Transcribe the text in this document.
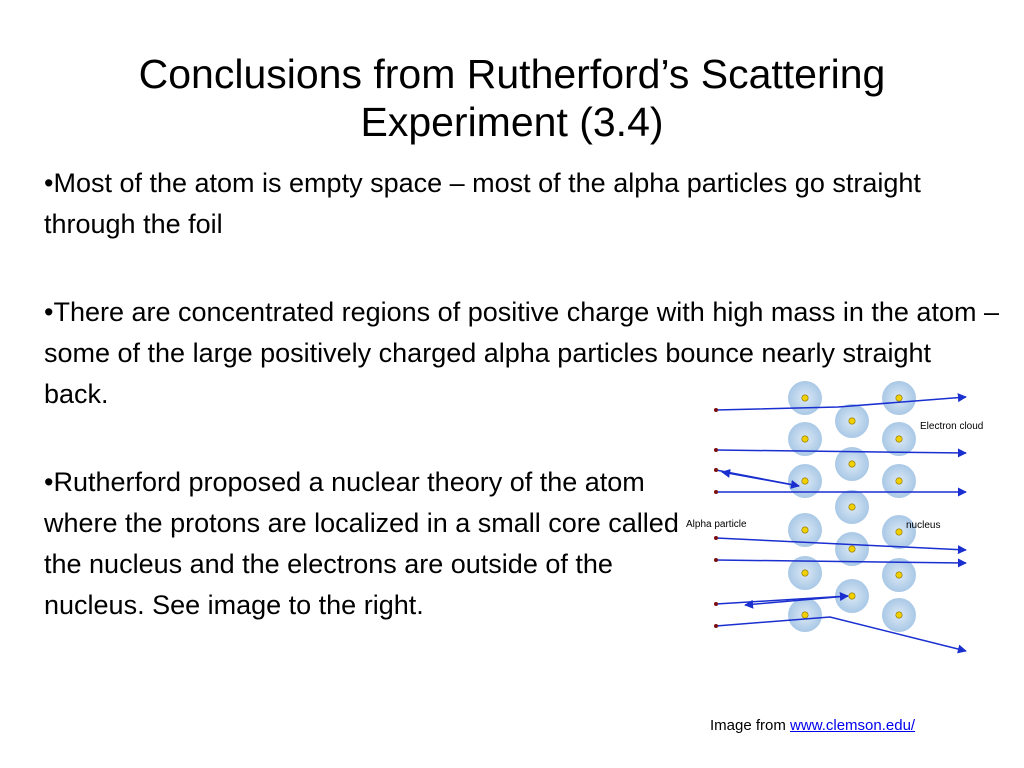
Conclusions from Rutherford’s Scattering Experiment (3.4)

•Most of the atom is empty space – most of the alpha particles go straight through the foil

•There are concentrated regions of positive charge with high mass in the atom – some of the large positively charged alpha particles bounce nearly straight back.

•Rutherford proposed a nuclear theory of the atom where the protons are localized in a small core called the nucleus and the electrons are outside of the nucleus. See image to the right.

Electron cloud
Alpha particle	nucleus
Image from www.clemson.edu/
